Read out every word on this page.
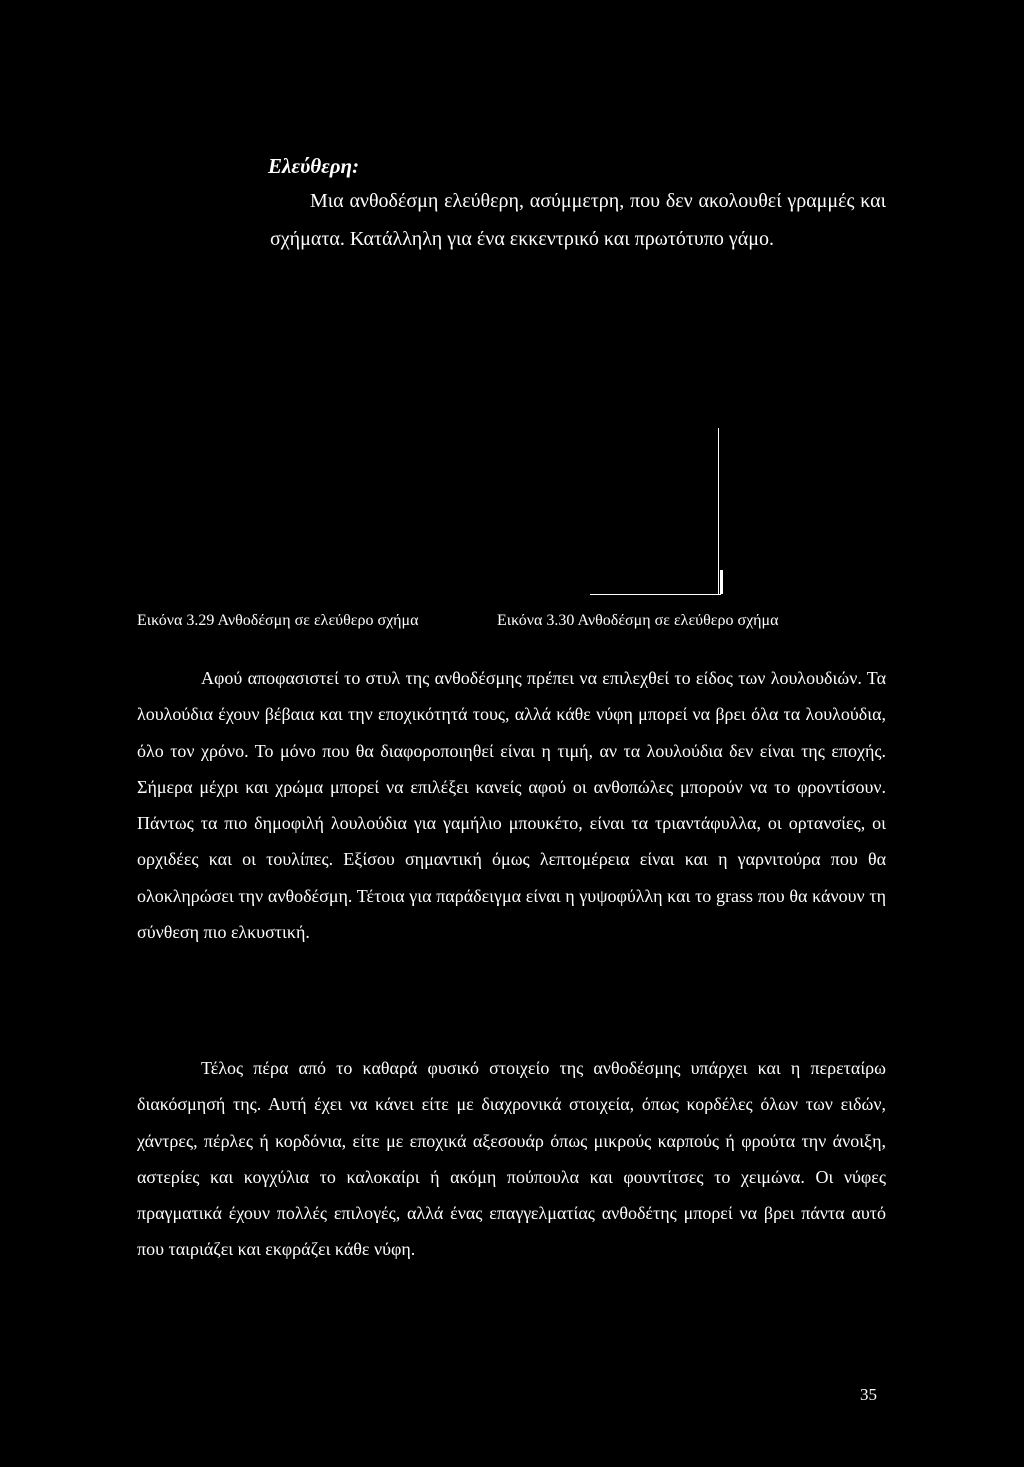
Ελεύθερη:

Μια ανθοδέσμη ελεύθερη, ασύμμετρη, που δεν ακολουθεί γραμμές και σχήματα. Κατάλληλη για ένα εκκεντρικό και πρωτότυπο γάμο.

Εικόνα 3.29 Ανθοδέσμη σε ελεύθερο σχήμα	Εικόνα 3.30 Ανθοδέσμη σε ελεύθερο σχήμα

Αφού αποφασιστεί το στυλ της ανθοδέσμης πρέπει να επιλεχθεί το είδος των λουλουδιών. Τα λουλούδια έχουν βέβαια και την εποχικότητά τους, αλλά κάθε νύφη μπορεί να βρει όλα τα λουλούδια, όλο τον χρόνο. Το μόνο που θα διαφοροποιηθεί είναι η τιμή, αν τα λουλούδια δεν είναι της εποχής. Σήμερα μέχρι και χρώμα μπορεί να επιλέξει κανείς αφού οι ανθοπώλες μπορούν να το φροντίσουν. Πάντως τα πιο δημοφιλή λουλούδια για γαμήλιο μπουκέτο, είναι τα τριαντάφυλλα, οι ορτανσίες, οι ορχιδέες και οι τουλίπες. Εξίσου σημαντική όμως λεπτομέρεια είναι και η γαρνιτούρα που θα ολοκληρώσει την ανθοδέσμη. Τέτοια για παράδειγμα είναι η γυψοφύλλη και το grass που θα κάνουν τη σύνθεση πιο ελκυστική.

Τέλος πέρα από το καθαρά φυσικό στοιχείο της ανθοδέσμης υπάρχει και η περεταίρω διακόσμησή της. Αυτή έχει να κάνει είτε με διαχρονικά στοιχεία, όπως κορδέλες όλων των ειδών, χάντρες, πέρλες ή κορδόνια, είτε με εποχικά αξεσουάρ όπως μικρούς καρπούς ή φρούτα την άνοιξη, αστερίες και κογχύλια το καλοκαίρι ή ακόμη πούπουλα και φουντίτσες το χειμώνα. Οι νύφες πραγματικά έχουν πολλές επιλογές, αλλά ένας επαγγελματίας ανθοδέτης μπορεί να βρει πάντα αυτό που ταιριάζει και εκφράζει κάθε νύφη.

35
